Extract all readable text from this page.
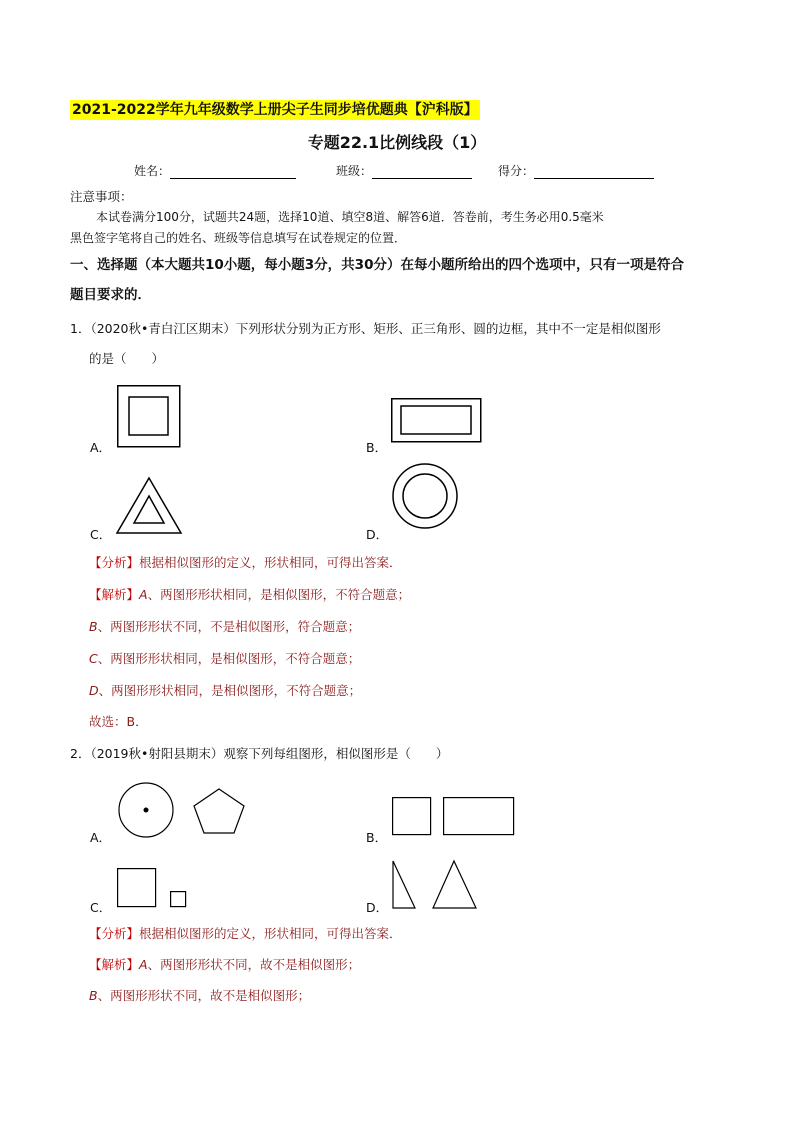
2021-2022学年九年级数学上册尖子生同步培优题典【沪科版】
专题22.1比例线段（1）
姓名：	班级：	得分：
注意事项：
本试卷满分100分，试题共24题，选择10道、填空8道、解答6道．答卷前，考生务必用0.5毫米
黑色签字笔将自己的姓名、班级等信息填写在试卷规定的位置．
一、选择题（本大题共10小题，每小题3分，共30分）在每小题所给出的四个选项中，只有一项是符合
题目要求的．
1．（2020秋•青白江区期末）下列形状分别为正方形、矩形、正三角形、圆的边框，其中不一定是相似图形
的是（　　）
A．	B．
C．	D．
【分析】根据相似图形的定义，形状相同，可得出答案．
【解析】A、两图形形状相同，是相似图形，不符合题意；
B、两图形形状不同，不是相似图形，符合题意；
C、两图形形状相同，是相似图形，不符合题意；
D、两图形形状相同，是相似图形，不符合题意；
故选：B．
2．（2019秋•射阳县期末）观察下列每组图形，相似图形是（　　）
A．	B．
C．	D．
【分析】根据相似图形的定义，形状相同，可得出答案．
【解析】A、两图形形状不同，故不是相似图形；
B、两图形形状不同，故不是相似图形；
